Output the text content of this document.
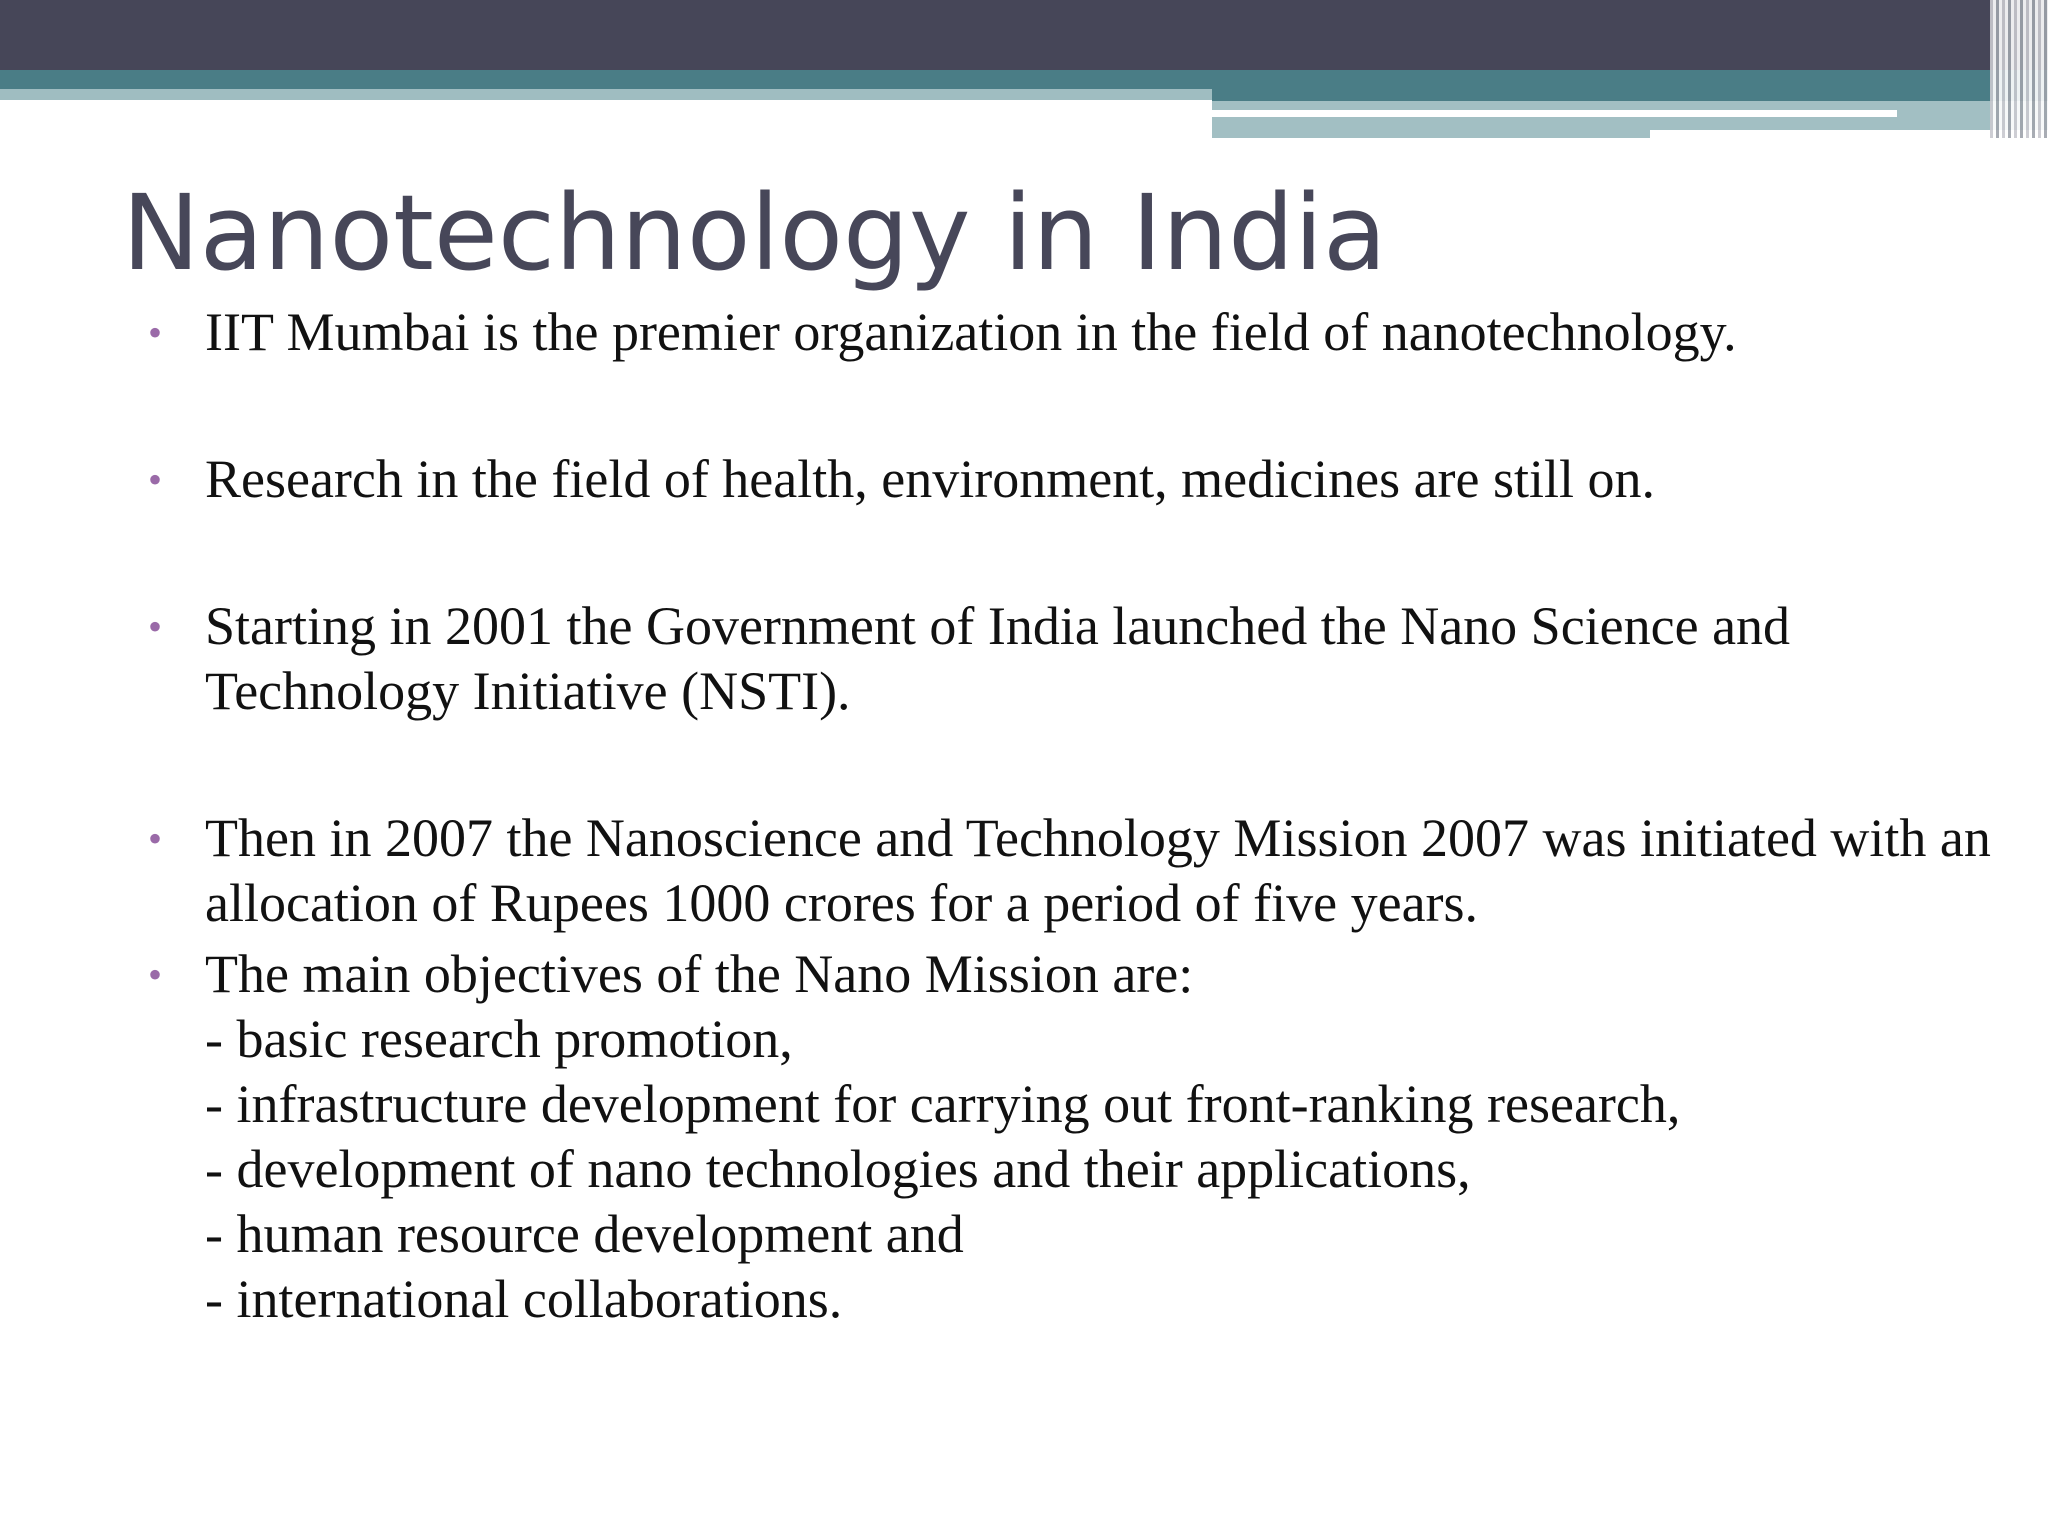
Nanotechnology in India
• IIT Mumbai is the premier organization in the field of nanotechnology.
• Research in the field of health, environment, medicines are still on.
• Starting in 2001 the Government of India launched the Nano Science and Technology Initiative (NSTI).
• Then in 2007 the Nanoscience and Technology Mission 2007 was initiated with an allocation of Rupees 1000 crores for a period of five years.
• The main objectives of the Nano Mission are:
- basic research promotion,
- infrastructure development for carrying out front-ranking research,
- development of nano technologies and their applications,
- human resource development and
- international collaborations.
